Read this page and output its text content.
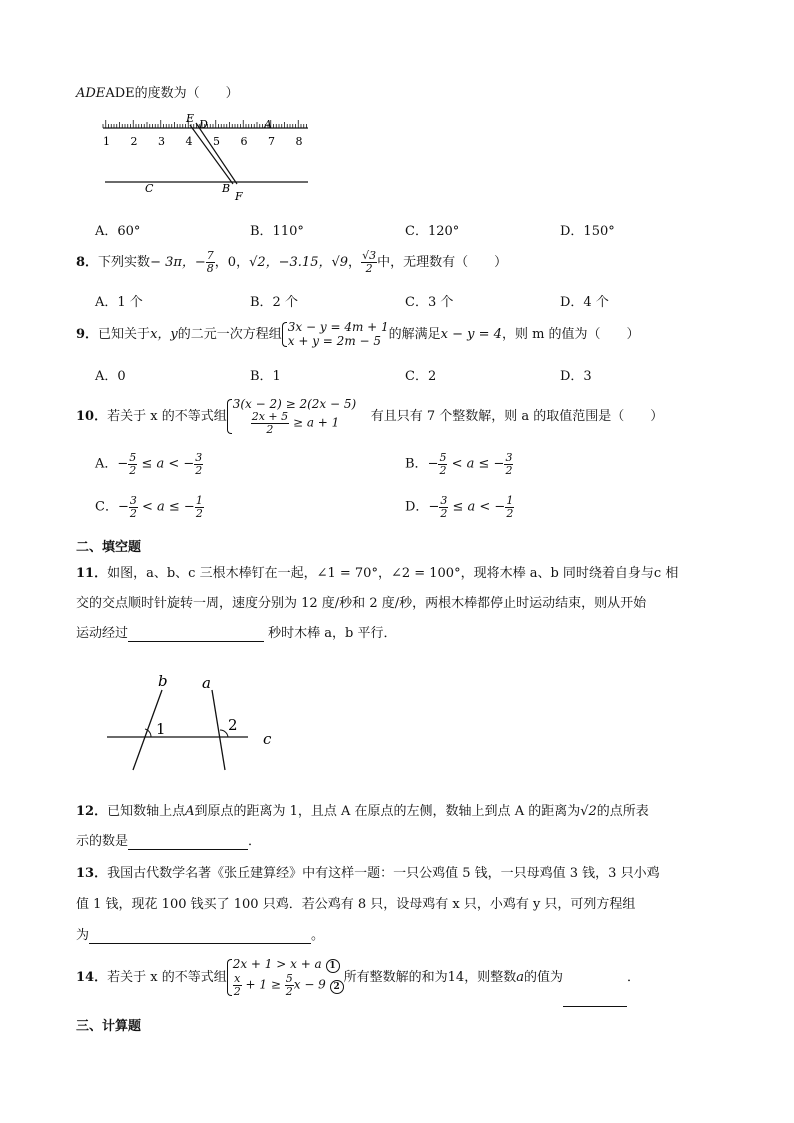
ADEADE的度数为（　　）
1 2 3 4 5 6 7 8
E D	A
C	B
F
A．60°	B．110°	C．120°	D．150°
8．下列实数− 3π，− $\frac{7}{8}$ ，0，√2，−3.15，√9， $\frac{√3}{2}$ 中，无理数有（　　）
A．1 个	B．2 个	C．3 个	D．4 个
9．已知关于x，y的二元一次方程组
3x − y = 4m + 1
x + y = 2m − 5 的解满足x − y = 4，则 m 的值为（　　）
A．0	B．1	C．2	D．3
10．若关于 x 的不等式组
3(x − 2) ≥ 2(2x − 5)
$\frac{2x + 5}{2} \ge a + 1$	有且只有 7 个整数解，则 a 的取值范围是（　　）
A．− $\frac{5}{2} \le a$ < − $\frac{3}{2}$	B．− $\frac{5}{2} < a$ ≤ − $\frac{3}{2}$
C．− $\frac{3}{2} < a$ ≤ − $\frac{1}{2}$	D．− $\frac{3}{2} \le a$ < − $\frac{1}{2}$
二、填空题
11．如图，a、b、c 三根木棒钉在一起，∠1 = 70°，∠2 = 100°，现将木棒 a、b 同时绕着自身与c 相
交的交点顺时针旋转一周，速度分别为 12 度/秒和 2 度/秒，两根木棒都停止时运动结束，则从开始
运动经过	秒时木棒 a，b 平行．
b a
1	2
c
12．已知数轴上点A到原点的距离为 1，且点 A 在原点的左侧，数轴上到点 A 的距离为√2的点所表
示的数是	．
13．我国古代数学名著《张丘建算经》中有这样一题：一只公鸡值 5 钱，一只母鸡值 3 钱，3 只小鸡
值 1 钱，现花 100 钱买了 100 只鸡．若公鸡有 8 只，设母鸡有 x 只，小鸡有 y 只，可列方程组
为	。
14．若关于 x 的不等式组
2x + 1 > x + a 1
$\frac{x}{2} + 1 \ge \frac{5}{2}$ x − 9 2
所有整数解的和为14，则整数a的值为	．
三、计算题
